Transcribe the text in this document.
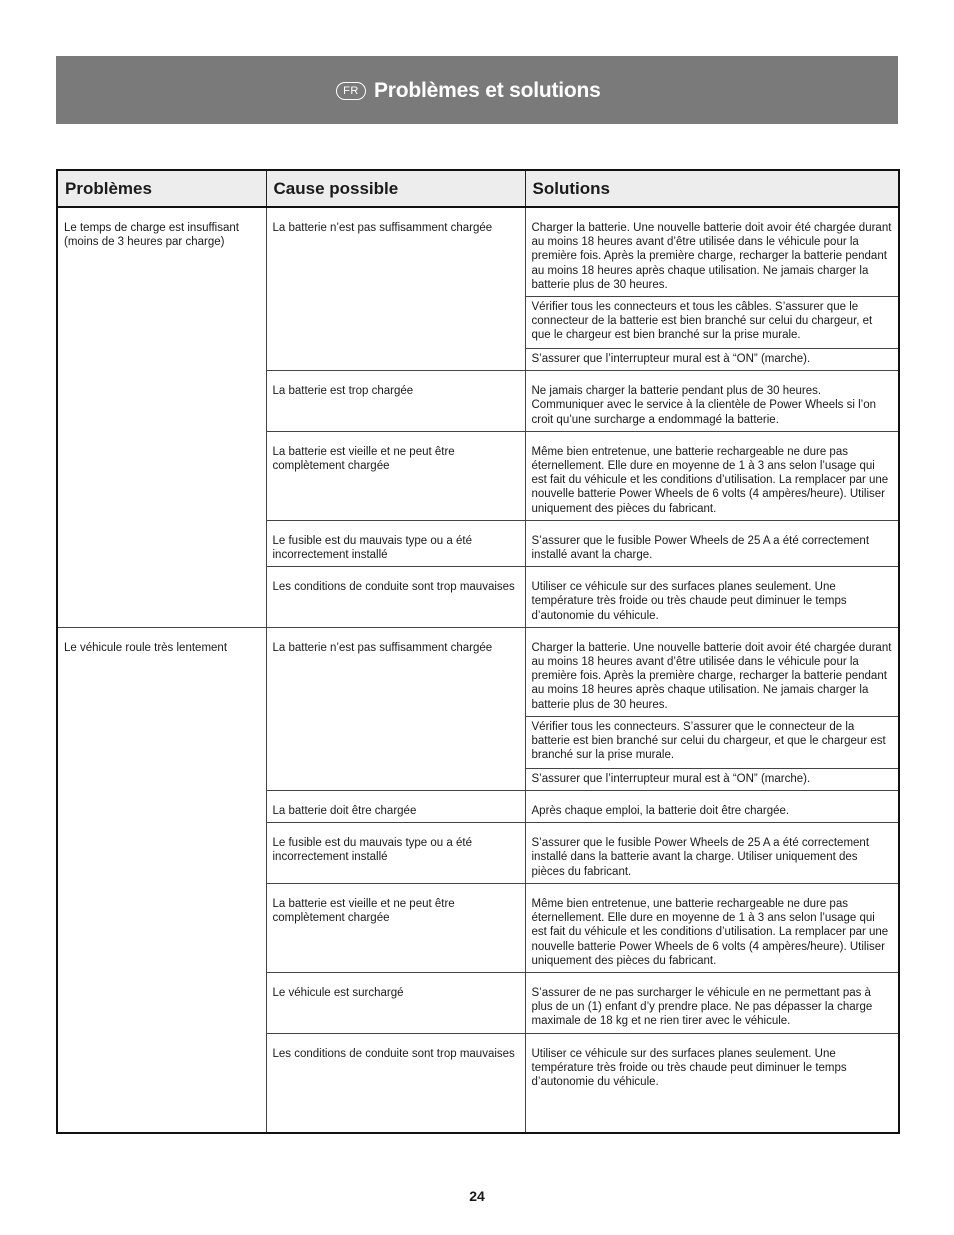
FR Problèmes et solutions
Problèmes	Cause possible	Solutions
Le temps de charge est insuffisant (moins de 3 heures par charge)	La batterie n’est pas suffisamment chargée	Charger la batterie. Une nouvelle batterie doit avoir été chargée durant au moins 18 heures avant d’être utilisée dans le véhicule pour la première fois. Après la première charge, recharger la batterie pendant au moins 18 heures après chaque utilisation. Ne jamais charger la batterie plus de 30 heures.
		Vérifier tous les connecteurs et tous les câbles. S’assurer que le connecteur de la batterie est bien branché sur celui du chargeur, et que le chargeur est bien branché sur la prise murale.
		S’assurer que l’interrupteur mural est à “ON” (marche).
	La batterie est trop chargée	Ne jamais charger la batterie pendant plus de 30 heures. Communiquer avec le service à la clientèle de Power Wheels si l’on croit qu’une surcharge a endommagé la batterie.
	La batterie est vieille et ne peut être complètement chargée	Même bien entretenue, une batterie rechargeable ne dure pas éternellement. Elle dure en moyenne de 1 à 3 ans selon l’usage qui est fait du véhicule et les conditions d’utilisation. La remplacer par une nouvelle batterie Power Wheels de 6 volts (4 ampères/heure). Utiliser uniquement des pièces du fabricant.
	Le fusible est du mauvais type ou a été incorrectement installé	S’assurer que le fusible Power Wheels de 25 A a été correctement installé avant la charge.
	Les conditions de conduite sont trop mauvaises	Utiliser ce véhicule sur des surfaces planes seulement. Une température très froide ou très chaude peut diminuer le temps d’autonomie du véhicule.
Le véhicule roule très lentement	La batterie n’est pas suffisamment chargée	Charger la batterie. Une nouvelle batterie doit avoir été chargée durant au moins 18 heures avant d’être utilisée dans le véhicule pour la première fois. Après la première charge, recharger la batterie pendant au moins 18 heures après chaque utilisation. Ne jamais charger la batterie plus de 30 heures.
		Vérifier tous les connecteurs. S’assurer que le connecteur de la batterie est bien branché sur celui du chargeur, et que le chargeur est branché sur la prise murale.
		S’assurer que l’interrupteur mural est à “ON” (marche).
	La batterie doit être chargée	Après chaque emploi, la batterie doit être chargée.
	Le fusible est du mauvais type ou a été incorrectement installé	S’assurer que le fusible Power Wheels de 25 A a été correctement installé dans la batterie avant la charge. Utiliser uniquement des pièces du fabricant.
	La batterie est vieille et ne peut être complètement chargée	Même bien entretenue, une batterie rechargeable ne dure pas éternellement. Elle dure en moyenne de 1 à 3 ans selon l’usage qui est fait du véhicule et les conditions d’utilisation. La remplacer par une nouvelle batterie Power Wheels de 6 volts (4 ampères/heure). Utiliser uniquement des pièces du fabricant.
	Le véhicule est surchargé	S’assurer de ne pas surcharger le véhicule en ne permettant pas à plus de un (1) enfant d’y prendre place. Ne pas dépasser la charge maximale de 18 kg et ne rien tirer avec le véhicule.
	Les conditions de conduite sont trop mauvaises	Utiliser ce véhicule sur des surfaces planes seulement. Une température très froide ou très chaude peut diminuer le temps d’autonomie du véhicule.
24
